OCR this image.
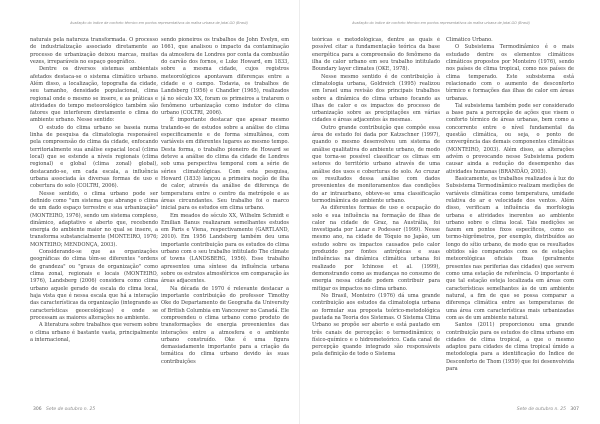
Avaliação do índice de conforto térmico em pontos representativos da malha urbana de Jataí-GO (Brasil)

naturais pela natureza transformada. O processo de industrialização associado diretamente ao processo de urbanização deixou marcas, muitas vezes, irreparáveis no espaço geográfico.

Dentre os diversos sistemas ambientais afetados destaca-se o sistema climático urbano. Além disso, a localização, topografia da cidade, seu tamanho, densidade populacional, clima regional onde o mesmo se insere, e as práticas e atividades do tempo meteorológico também são fatores que interferem diretamente o clima do ambiente urbano. Nesse sentido:

O estudo do clima urbano se baseia numa linha de pesquisa da climatologia responsável pela compreensão do clima da cidade, enfocando territorialmente sua análise espacial local (clima local) que se estende a níveis regionais (clima regional) e global (clima zonal) global), destacando-se, em cada escala, a influência urbana associada às diversas formas de uso e cobertura do solo (COLTRI, 2006).

Nesse sentido, o clima urbano pode ser definido como "um sistema que abrange o clima de um dado espaço terrestre e sua urbanização" (MONTEIRO, 1976), sendo um sistema complexo, dinâmico, adaptativo e aberto que, recebendo energia do ambiente maior no qual se insere, a transforma substancialmente (MONTEIRO, 1976; MONTEIRO; MENDONÇA, 2003).

Considerando-se que as organizações geográficas do clima têm-se diferentes "ordens de grandeza" ou "graus de organização" como clima zonal, regionais e locais (MONTEIRO, 1976), Landsberg (2006) considera como clima urbano aquele gerado de escala do clima local, haja vista que é nessa escala que há a interação das características da organização (integrando as características geoecológicas) e onde se processam as maiores alterações no ambiente.

A literatura sobre trabalhos que versem sobre o clima urbano é bastante vasta, principalmente a internacional,

sendo pioneiros os trabalhos de John Evelyn, em 1661, que analisou o impacto da contaminação da atmosfera de Londres por conta da combustão do carvão dos fornos, e Luke Howard, em 1833, sobre a mesma cidade, cujos registros meteorológicos apontavam diferenças entre a cidade e o campo. Todavia, os trabalhos de Landsberg (1956) e Chandler (1965), realizados já no século XX, foram os primeiros a tratarem o fenômeno urbanização como indutor do clima urbano (COLTRI, 2006).

É importante destacar que apesar mesmo tratando-se de estudos sobre a análise do clima especificamente e de forma simultânea, com variáveis em diferentes lugares ao mesmo tempo. Desta forma, o trabalho pioneiro de Howard se deteve a análise do clima da cidade de Londres sob uma perspectiva temporal com a série de séries climatológicas. Com esta pesquisa, Howard (1833) lançou a primeira noção de ilha de calor, através da análise de diferença de temperatura entre o centro da metrópole e as áreas circundantes. Seu trabalho foi o marco inicial para os estudos em clima urbano.

Em meados do século XX, Wilhelm Schmidt e Emilian Banus realizaram semelhantes estudos em Paris e Viena, respectivamente (GARTLAND, 2010). Em 1956 Landsberg também deu uma importante contribuição para os estudos do clima urbano com o seu trabalho intitulado The climate of towns (LANDSBERG, 1956). Esse trabalho apresentou uma síntese da influência urbana sobre os estratos atmosféricos em comparação às áreas adjacentes.

Na década de 1970 é relevante destacar a importante contribuição do professor Timothy Oke do Departamento de Geografia da University of British Columbia em Vancouver no Canadá. Ele compreendeu o clima urbano como produto de transformações de energia provenientes das interações entre a atmosfera e o ambiente urbano construído. Oke é uma figura demasiadamente importante para a criação da temática do clima urbano devido às suas contribuições

306 Sete de outubro n. 25
Avaliação do índice de conforto térmico em pontos representativos da malha urbana de Jataí-GO (Brasil)

teóricas e metodológicas, dentre as quais é possível citar a fundamentação teórica da base energética para a compreensão do fenômeno da ilha de calor urbano em seu trabalho intitulado Boundary layer climates (OKE, 1978).

Nesse mesmo sentido é de contribuição à climatologia urbana, Goldreich (1995) realizou em Israel uma revisão dos principais trabalhos sobre a dinâmica do clima urbano focando as ilhas de calor e os impactos do processo de urbanização sobre as precipitações em várias cidades e áreas adjacentes às mesmas.

Outro grande contribuição que compôe essa área de estudo foi dada por Katzschner (1997), quando o mesmo desenvolveu um sistema de análise qualitativa do ambiente urbano, de modo que torna-se possível classificar os climas em setores do território urbano através de uma análise dos usos e coberturas do solo. Ao cruzar os resultados dessa análise com dados provenientes de monitoramentos das condições do ar intraurbano, obteve-se uma classificação termodinâmica do ambiente urbano.

As diferentes formas de uso e ocupação do solo e sua influência na formação de ilhas de calor na cidade de Graz, na Austrália, foi investigada por Lazar e Podesser (1999). Nesse mesmo ano, na cidade de Tóquio no Japão, um estudo sobre os impactos causados pelo calor produzido por fontes antrópicas e suas influências na dinâmica climática urbana foi realizado por Ichinose et al. (1999), demonstrando como as mudanças no consumo de energia nessa cidade podem contribuir para mitigar os impactos no clima urbano.

No Brasil, Monteiro (1976) dá uma grande contribuição aos estudos da climatologia urbana ao formular sua proposta teórico-metodológica pautada na Teoria dos Sistemas. O Sistema Clima Urbano se propõe ser aberto e está pautado em três canais de percepção: o termodinâmico; o físico-químico e o hidrometeórico. Cada canal de percepção quando integrado são responsáveis pela definição de todo o Sistema

Climático Urbano.

O Subsistema Termodinâmico é o mais estudado dentre os elementos climáticos climáticos propostos por Monteiro (1976), sendo nos países de clima tropical, como nos países de clima temperado. Este subsistema está relacionado com o aumento de desconforto térmico e formações das ilhas de calor em áreas urbanas.

Tal subsistema também pode ser considerado a base para a percepção de ações que visem o conforto térmico de áreas urbanas, bem como a concorrente entre o nível fundamental da questão climática, ou seja, o ponto de convergência das demais componentes climáticas (MONTEIRO, 2003). Além disso, as alterações advém o provocando nesse Subsistema podem causar ainda a redução do desempenho das atividades humanas (BRANDÃO, 2003).

Basicamente, os trabalhos realizados à luz do Subsistema Termodinâmico realizam medições de variáveis climáticas como temperatura, umidade relativa do ar e velocidade dos ventos. Além disso, verificam a influência da morfologia urbana e atividades inerentes ao ambiente urbano sobre o clima local. Tais medições se fazem em pontos fixos específicos, como os termo-higrômetros, por exemplo, distribuídos ao longo do sítio urbano, de modo que os resultados obtidos são comparados com os de estações meteorológicas oficiais fixas (geralmente presentes nas periferias das cidades) que servem como uma estação de referência. O importante é que tal estação esteja localizada em áreas com características semelhantes às de um ambiente natural, a fim de que se possa comparar a diferença climática entre as temperaturas de uma área com características mais urbanizadas com as de um ambiente natural.

Santos (2011) proporcionou uma grande contribuição para os estudos do clima urbano em cidades de clima tropical, a que o mesmo adaptou para cidades de clima tropical úmido a metodologia para a identificação do Índice de Desconforto de Thom (1959) que foi desenvolvida para

Sete de outubro n. 25 307
